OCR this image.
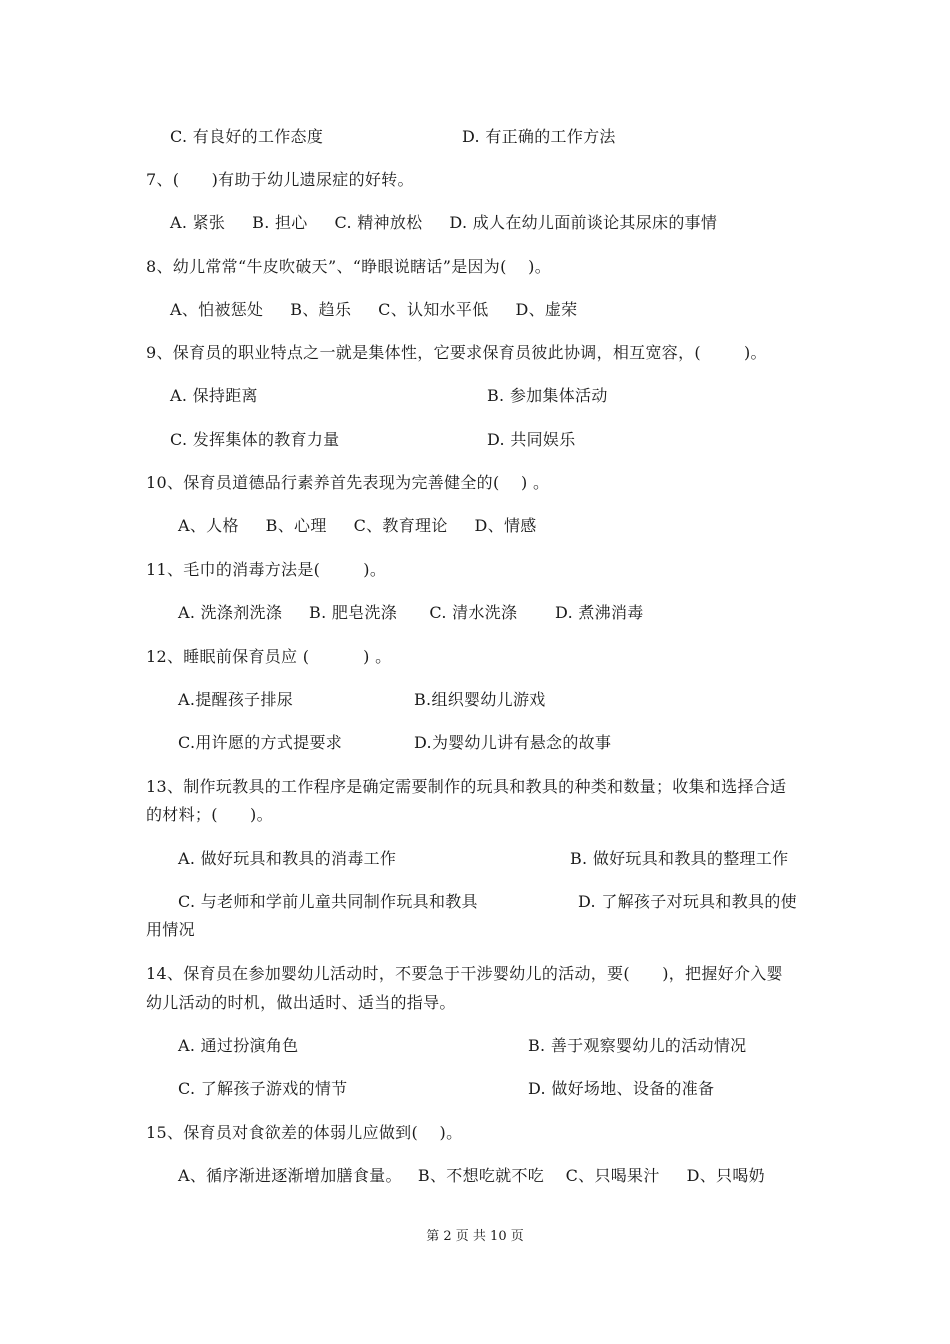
C. 有良好的工作态度	D. 有正确的工作方法
7、(      )有助于幼儿遗尿症的好转。
A. 紧张     B. 担心     C. 精神放松     D. 成人在幼儿面前谈论其尿床的事情
8、幼儿常常“牛皮吹破天”、“睁眼说瞎话”是因为(    )。
A、怕被惩处     B、趋乐     C、认知水平低     D、虚荣
9、保育员的职业特点之一就是集体性，它要求保育员彼此协调，相互宽容，(        )。
A. 保持距离	B. 参加集体活动
C. 发挥集体的教育力量	D. 共同娱乐
10、保育员道德品行素养首先表现为完善健全的(    ) 。
A、人格     B、心理     C、教育理论     D、情感
11、毛巾的消毒方法是(        )。
A. 洗涤剂洗涤     B. 肥皂洗涤      C. 清水洗涤       D. 煮沸消毒
12、睡眠前保育员应 (          ) 。
A.提醒孩子排尿	B.组织婴幼儿游戏
C.用许愿的方式提要求	D.为婴幼儿讲有悬念的故事
13、制作玩教具的工作程序是确定需要制作的玩具和教具的种类和数量；收集和选择合适
的材料；(      )。
A. 做好玩具和教具的消毒工作	B. 做好玩具和教具的整理工作
C. 与老师和学前儿童共同制作玩具和教具	D. 了解孩子对玩具和教具的使
用情况
14、保育员在参加婴幼儿活动时，不要急于干涉婴幼儿的活动，要(      )，把握好介入婴
幼儿活动的时机，做出适时、适当的指导。
A. 通过扮演角色	B. 善于观察婴幼儿的活动情况
C. 了解孩子游戏的情节	D. 做好场地、设备的准备
15、保育员对食欲差的体弱儿应做到(    )。
A、循序渐进逐渐增加膳食量。   B、不想吃就不吃    C、只喝果汁     D、只喝奶
第 2 页 共 10 页
